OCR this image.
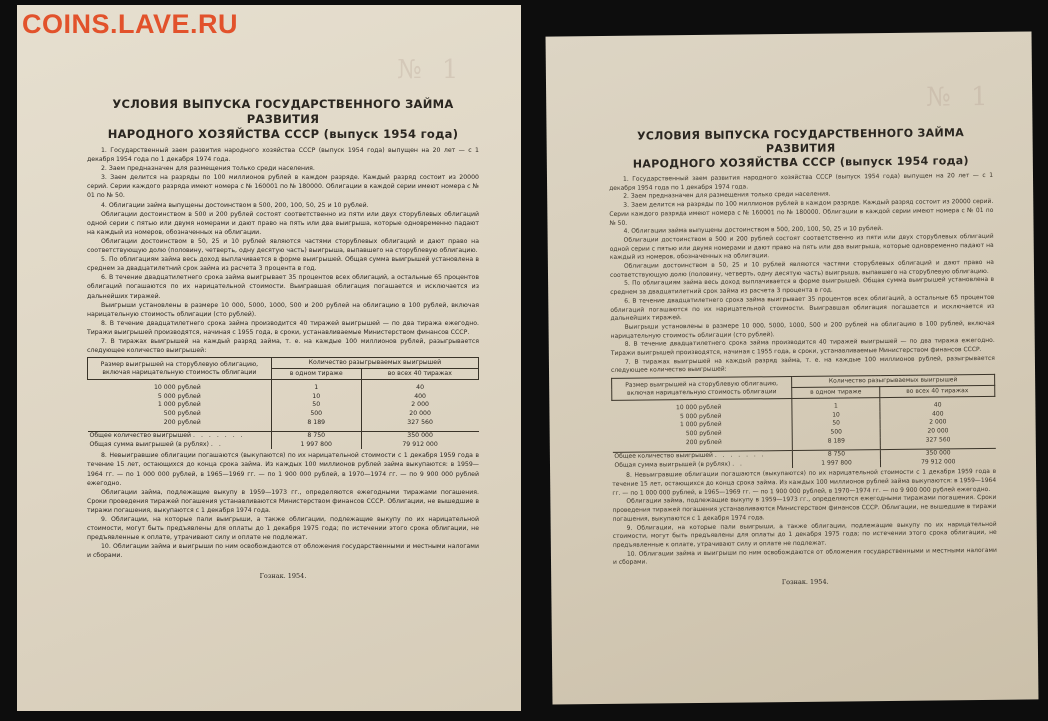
COINS.LAVE.RU
№ 1
УСЛОВИЯ ВЫПУСКА ГОСУДАРСТВЕННОГО ЗАЙМА РАЗВИТИЯ
НАРОДНОГО ХОЗЯЙСТВА СССР (выпуск 1954 года)

1. Государственный заем развития народного хозяйства СССР (выпуск 1954 года) выпущен на 20 лет — с 1 декабря 1954 года по 1 декабря 1974 года.

2. Заем предназначен для размещения только среди населения.

3. Заем делится на разряды по 100 миллионов рублей в каждом разряде. Каждый разряд состоит из 20000 серий. Серии каждого разряда имеют номера с № 160001 по № 180000. Облигации в каждой серии имеют номера с № 01 по № 50.

4. Облигации займа выпущены достоинством в 500, 200, 100, 50, 25 и 10 рублей.

Облигации достоинством в 500 и 200 рублей состоят соответственно из пяти или двух сторублевых облигаций одной серии с пятью или двумя номерами и дают право на пять или два выигрыша, которые одновременно падают на каждый из номеров, обозначенных на облигации.

Облигации достоинством в 50, 25 и 10 рублей являются частями сторублевых облигаций и дают право на соответствующую долю (половину, четверть, одну десятую часть) выигрыша, выпавшего на сторублевую облигацию.

5. По облигациям займа весь доход выплачивается в форме выигрышей. Общая сумма выигрышей установлена в среднем за двадцатилетний срок займа из расчета 3 процента в год.

6. В течение двадцатилетнего срока займа выигрывает 35 процентов всех облигаций, а остальные 65 процентов облигаций погашаются по их нарицательной стоимости. Выигравшая облигация погашается и исключается из дальнейших тиражей.

Выигрыши установлены в размере 10 000, 5000, 1000, 500 и 200 рублей на облигацию в 100 рублей, включая нарицательную стоимость облигации (сто рублей).

8. В течение двадцатилетнего срока займа производится 40 тиражей выигрышей — по два тиража ежегодно. Тиражи выигрышей производятся, начиная с 1955 года, в сроки, устанавливаемые Министерством финансов СССР.

7. В тиражах выигрышей на каждый разряд займа, т. е. на каждые 100 миллионов рублей, разыгрывается следующее количество выигрышей:

Размер выигрышей на сторублевую облигацию, включая нарицательную стоимость облигации	Количество разыгрываемых выигрышей	
	в одном тираже	во всех 40 тиражах

10 000 рублей	1	40
5 000 рублей	10	400
1 000 рублей	50	2 000
500 рублей	500	20 000
200 рублей	8 189	327 560

Общее количество выигрышей . . . . . . .	8 750	350 000
Общая сумма выигрышей (в рублях) . .	1 997 800	79 912 000

8. Невыигравшие облигации погашаются (выкупаются) по их нарицательной стоимости с 1 декабря 1959 года в течение 15 лет, остающихся до конца срока займа. Из каждых 100 миллионов рублей займа выкупаются: в 1959—1964 гг. — по 1 000 000 рублей, в 1965—1969 гг. — по 1 900 000 рублей, в 1970—1974 гг. — по 9 900 000 рублей ежегодно.

Облигации займа, подлежащие выкупу в 1959—1973 гг., определяются ежегодными тиражами погашения. Сроки проведения тиражей погашения устанавливаются Министерством финансов СССР. Облигации, не вышедшие в тиражи погашения, выкупаются с 1 декабря 1974 года.

9. Облигации, на которые пали выигрыши, а также облигации, подлежащие выкупу по их нарицательной стоимости, могут быть предъявлены для оплаты до 1 декабря 1975 года; по истечении этого срока облигации, не предъявленные к оплате, утрачивают силу и оплате не подлежат.

10. Облигации займа и выигрыши по ним освобождаются от обложения государственными и местными налогами и сборами.

Гознак. 1954.
№ 1
УСЛОВИЯ ВЫПУСКА ГОСУДАРСТВЕННОГО ЗАЙМА РАЗВИТИЯ
НАРОДНОГО ХОЗЯЙСТВА СССР (выпуск 1954 года)

1. Государственный заем развития народного хозяйства СССР (выпуск 1954 года) выпущен на 20 лет — с 1 декабря 1954 года по 1 декабря 1974 года.

2. Заем предназначен для размещения только среди населения.

3. Заем делится на разряды по 100 миллионов рублей в каждом разряде. Каждый разряд состоит из 20000 серий. Серии каждого разряда имеют номера с № 160001 по № 180000. Облигации в каждой серии имеют номера с № 01 по № 50.

4. Облигации займа выпущены достоинством в 500, 200, 100, 50, 25 и 10 рублей.

Облигации достоинством в 500 и 200 рублей состоят соответственно из пяти или двух сторублевых облигаций одной серии с пятью или двумя номерами и дают право на пять или два выигрыша, которые одновременно падают на каждый из номеров, обозначенных на облигации.

Облигации достоинством в 50, 25 и 10 рублей являются частями сторублевых облигаций и дают право на соответствующую долю (половину, четверть, одну десятую часть) выигрыша, выпавшего на сторублевую облигацию.

5. По облигациям займа весь доход выплачивается в форме выигрышей. Общая сумма выигрышей установлена в среднем за двадцатилетний срок займа из расчета 3 процента в год.

6. В течение двадцатилетнего срока займа выигрывает 35 процентов всех облигаций, а остальные 65 процентов облигаций погашаются по их нарицательной стоимости. Выигравшая облигация погашается и исключается из дальнейших тиражей.

Выигрыши установлены в размере 10 000, 5000, 1000, 500 и 200 рублей на облигацию в 100 рублей, включая нарицательную стоимость облигации (сто рублей).

8. В течение двадцатилетнего срока займа производится 40 тиражей выигрышей — по два тиража ежегодно. Тиражи выигрышей производятся, начиная с 1955 года, в сроки, устанавливаемые Министерством финансов СССР.

7. В тиражах выигрышей на каждый разряд займа, т. е. на каждые 100 миллионов рублей, разыгрывается следующее количество выигрышей:

Размер выигрышей на сторублевую облигацию, включая нарицательную стоимость облигации	Количество разыгрываемых выигрышей	
	в одном тираже	во всех 40 тиражах

10 000 рублей	1	40
5 000 рублей	10	400
1 000 рублей	50	2 000
500 рублей	500	20 000
200 рублей	8 189	327 560

Общее количество выигрышей . . . . . . .	8 750	350 000
Общая сумма выигрышей (в рублях) . .	1 997 800	79 912 000

8. Невыигравшие облигации погашаются (выкупаются) по их нарицательной стоимости с 1 декабря 1959 года в течение 15 лет, остающихся до конца срока займа. Из каждых 100 миллионов рублей займа выкупаются: в 1959—1964 гг. — по 1 000 000 рублей, в 1965—1969 гг. — по 1 900 000 рублей, в 1970—1974 гг. — по 9 900 000 рублей ежегодно.

Облигации займа, подлежащие выкупу в 1959—1973 гг., определяются ежегодными тиражами погашения. Сроки проведения тиражей погашения устанавливаются Министерством финансов СССР. Облигации, не вышедшие в тиражи погашения, выкупаются с 1 декабря 1974 года.

9. Облигации, на которые пали выигрыши, а также облигации, подлежащие выкупу по их нарицательной стоимости, могут быть предъявлены для оплаты до 1 декабря 1975 года; по истечении этого срока облигации, не предъявленные к оплате, утрачивают силу и оплате не подлежат.

10. Облигации займа и выигрыши по ним освобождаются от обложения государственными и местными налогами и сборами.

Гознак. 1954.
